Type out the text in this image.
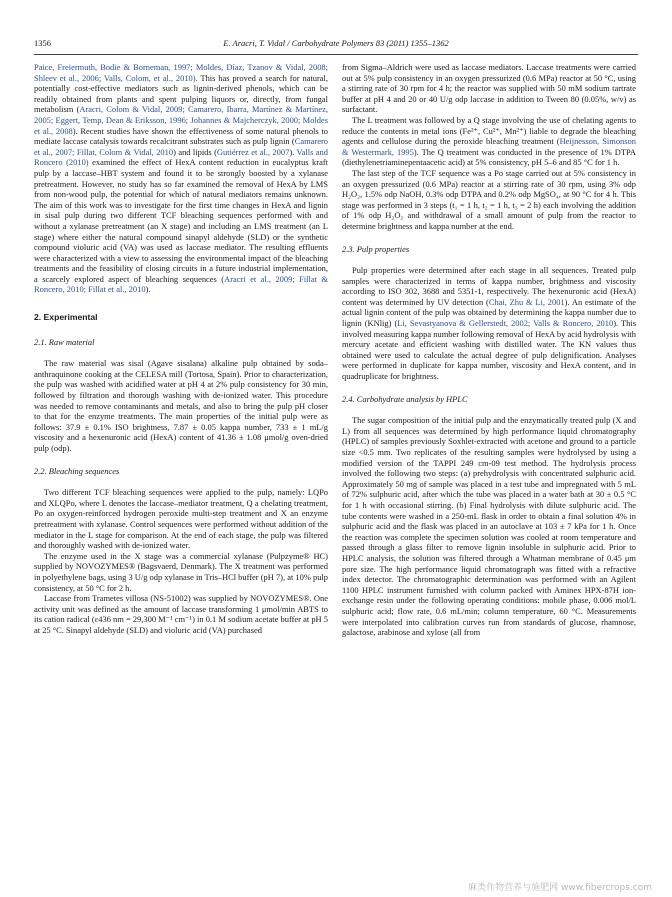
1356	E. Aracri, T. Vidal / Carbohydrate Polymers 83 (2011) 1355–1362

Paice, Freiermuth, Bodie & Borneman, 1997; Moldes, Díaz, Tzanov & Vidal, 2008; Shleev et al., 2006; Valls, Colom, et al., 2010). This has proved a search for natural, potentially cost-effective mediators such as lignin-derived phenols, which can be readily obtained from plants and spent pulping liquors or, directly, from fungal metabolism (Aracri, Colom & Vidal, 2009; Camarero, Ibarra, Martínez & Martínez, 2005; Eggert, Temp, Dean & Eriksson, 1996; Johannes & Majcherczyk, 2000; Moldes et al., 2008). Recent studies have shown the effectiveness of some natural phenols to mediate laccase catalysis towards recalcitrant substrates such as pulp lignin (Camarero et al., 2007; Fillat, Colom & Vidal, 2010) and lipids (Gutiérrez et al., 2007). Valls and Roncero (2010) examined the effect of HexA content reduction in eucalyptus kraft pulp by a laccase–HBT system and found it to be strongly boosted by a xylanase pretreatment. However, no study has so far examined the removal of HexA by LMS from non-wood pulp, the potential for which of natural mediators remains unknown. The aim of this work was to investigate for the first time changes in HexA and lignin in sisal pulp during two different TCF bleaching sequences performed with and without a xylanase pretreatment (an X stage) and including an LMS treatment (an L stage) where either the natural compound sinapyl aldehyde (SLD) or the synthetic compound violuric acid (VA) was used as laccase mediator. The resulting effluents were characterized with a view to assessing the environmental impact of the bleaching treatments and the feasibility of closing circuits in a future industrial implementation, a scarcely explored aspect of bleaching sequences (Aracri et al., 2009; Fillat & Roncero, 2010; Fillat et al., 2010).

2. Experimental
2.1. Raw material

The raw material was sisal (Agave sisalana) alkaline pulp obtained by soda–anthraquinone cooking at the CELESA mill (Tortosa, Spain). Prior to characterization, the pulp was washed with acidified water at pH 4 at 2% pulp consistency for 30 min, followed by filtration and thorough washing with de-ionized water. This procedure was needed to remove contaminants and metals, and also to bring the pulp pH closer to that for the enzyme treatments. The main properties of the initial pulp were as follows: 37.9 ± 0.1% ISO brightness, 7.87 ± 0.05 kappa number, 733 ± 1 mL/g viscosity and a hexenuronic acid (HexA) content of 41.36 ± 1.08 μmol/g oven-dried pulp (odp).

2.2. Bleaching sequences

Two different TCF bleaching sequences were applied to the pulp, namely: LQPo and XLQPo, where L denotes the laccase–mediator treatment, Q a chelating treatment, Po an oxygen-reinforced hydrogen peroxide multi-step treatment and X an enzyme pretreatment with xylanase. Control sequences were performed without addition of the mediator in the L stage for comparison. At the end of each stage, the pulp was filtered and thoroughly washed with de-ionized water.

The enzyme used in the X stage was a commercial xylanase (Pulpzyme® HC) supplied by NOVOZYMES® (Bagsvaerd, Denmark). The X treatment was performed in polyethylene bags, using 3 U/g odp xylanase in Tris–HCl buffer (pH 7), at 10% pulp consistency, at 50 °C for 2 h.

Laccase from Trametes villosa (NS-51002) was supplied by NOVOZYMES®. One activity unit was defined as the amount of laccase transforming 1 μmol/min ABTS to its cation radical (ε436 nm = 29,300 M⁻¹ cm⁻¹) in 0.1 M sodium acetate buffer at pH 5 at 25 °C. Sinapyl aldehyde (SLD) and violuric acid (VA) purchased

from Sigma–Aldrich were used as laccase mediators. Laccase treatments were carried out at 5% pulp consistency in an oxygen pressurized (0.6 MPa) reactor at 50 °C, using a stirring rate of 30 rpm for 4 h; the reactor was supplied with 50 mM sodium tartrate buffer at pH 4 and 20 or 40 U/g odp laccase in addition to Tween 80 (0.05%, w/v) as surfactant.

The L treatment was followed by a Q stage involving the use of chelating agents to reduce the contents in metal ions (Fe²⁺, Cu²⁺, Mn²⁺) liable to degrade the bleaching agents and cellulose during the peroxide bleaching treatment (Heijnesson, Simonson & Westermark, 1995). The Q treatment was conducted in the presence of 1% DTPA (diethylenetriaminepentaacetic acid) at 5% consistency, pH 5–6 and 85 °C for 1 h.

The last step of the TCF sequence was a Po stage carried out at 5% consistency in an oxygen pressurized (0.6 MPa) reactor at a stirring rate of 30 rpm, using 3% odp H₂O₂, 1.5% odp NaOH, 0.3% odp DTPA and 0.2% odp MgSO₄, at 90 °C for 4 h. This stage was performed in 3 steps (t₁ = 1 h, t₂ = 1 h, t₃ = 2 h) each involving the addition of 1% odp H₂O₂ and withdrawal of a small amount of pulp from the reactor to determine brightness and kappa number at the end.

2.3. Pulp properties

Pulp properties were determined after each stage in all sequences. Treated pulp samples were characterized in terms of kappa number, brightness and viscosity according to ISO 302, 3688 and 5351-1, respectively. The hexenuronic acid (HexA) content was determined by UV detection (Chai, Zhu & Li, 2001). An estimate of the actual lignin content of the pulp was obtained by determining the kappa number due to lignin (KNlig) (Li, Sevastyanova & Gellerstedt, 2002; Valls & Roncero, 2010). This involved measuring kappa number following removal of HexA by acid hydrolysis with mercury acetate and efficient washing with distilled water. The KN values thus obtained were used to calculate the actual degree of pulp delignification. Analyses were performed in duplicate for kappa number, viscosity and HexA content, and in quadruplicate for brightness.

2.4. Carbohydrate analysis by HPLC

The sugar composition of the initial pulp and the enzymatically treated pulp (X and L) from all sequences was determined by high performance liquid chromatography (HPLC) of samples previously Soxhlet-extracted with acetone and ground to a particle size <0.5 mm. Two replicates of the resulting samples were hydrolysed by using a modified version of the TAPPI 249 cm-09 test method. The hydrolysis process involved the following two steps: (a) prehydrolysis with concentrated sulphuric acid. Approximately 50 mg of sample was placed in a test tube and impregnated with 5 mL of 72% sulphuric acid, after which the tube was placed in a water bath at 30 ± 0.5 °C for 1 h with occasional stirring. (b) Final hydrolysis with dilute sulphuric acid. The tube contents were washed in a 250-mL flask in order to obtain a final solution 4% in sulphuric acid and the flask was placed in an autoclave at 103 ± 7 kPa for 1 h. Once the reaction was complete the specimen solution was cooled at room temperature and passed through a glass filter to remove lignin insoluble in sulphuric acid. Prior to HPLC analysis, the solution was filtered through a Whatman membrane of 0.45 μm pore size. The high performance liquid chromatograph was fitted with a refractive index detector. The chromatographic determination was performed with an Agilent 1100 HPLC instrument furnished with column packed with Aminex HPX-87H ion-exchange resin under the following operating conditions: mobile phase, 0.006 mol/L sulphuric acid; flow rate, 0.6 mL/min; column temperature, 60 °C. Measurements were interpolated into calibration curves run from standards of glucose, rhamnose, galactose, arabinose and xylose (all from

麻类作物营养与施肥网 www.fibercrops.com
